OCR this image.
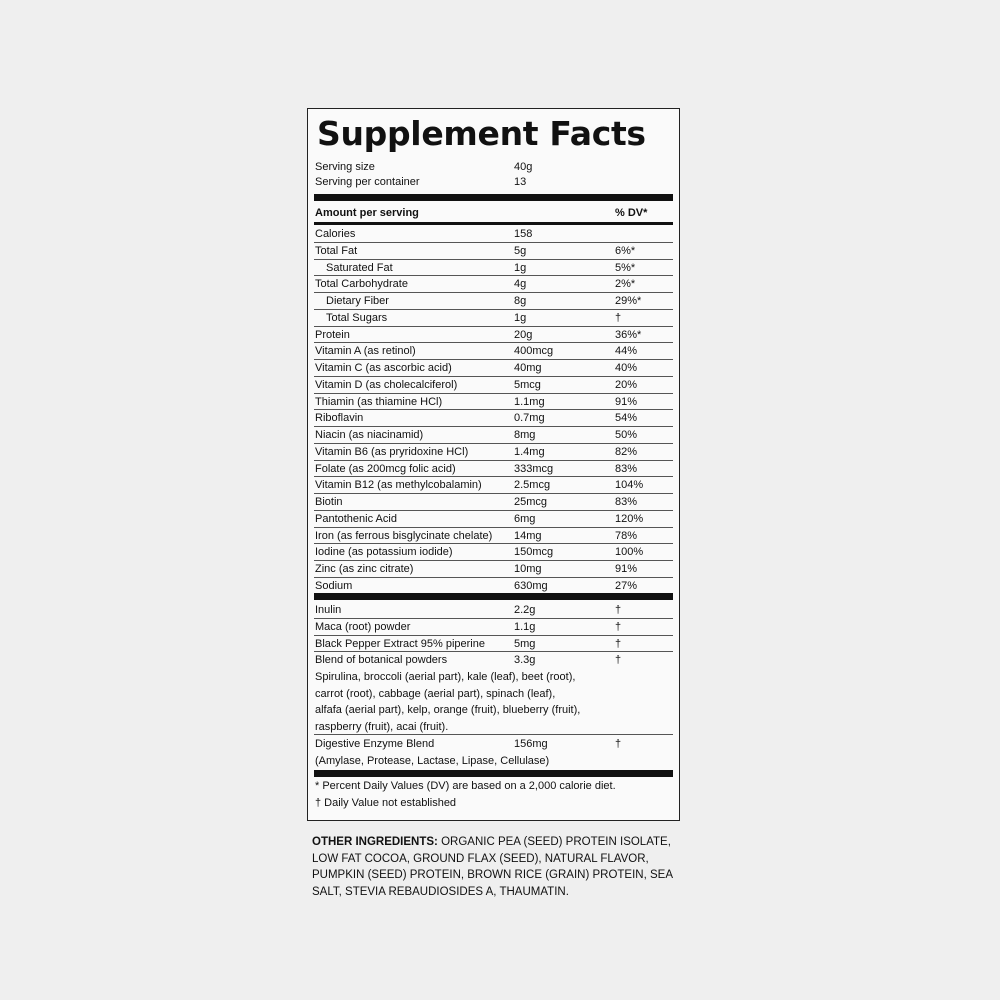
Supplement Facts
Serving size	40g
Serving per container	13
Amount per serving	% DV*
Calories	158
Total Fat	5g	6%*
Saturated Fat	1g	5%*
Total Carbohydrate	4g	2%*
Dietary Fiber	8g	29%*
Total Sugars	1g	†
Protein	20g	36%*
Vitamin A (as retinol)	400mcg	44%
Vitamin C (as ascorbic acid)	40mg	40%
Vitamin D (as cholecalciferol)	5mcg	20%
Thiamin (as thiamine HCl)	1.1mg	91%
Riboflavin	0.7mg	54%
Niacin (as niacinamid)	8mg	50%
Vitamin B6 (as pryridoxine HCl)	1.4mg	82%
Folate (as 200mcg folic acid)	333mcg	83%
Vitamin B12 (as methylcobalamin)	2.5mcg	104%
Biotin	25mcg	83%
Pantothenic Acid	6mg	120%
Iron (as ferrous bisglycinate chelate) 14mg	78%
Iodine (as potassium iodide)	150mcg	100%
Zinc (as zinc citrate)	10mg	91%
Sodium	630mg	27%
Inulin	2.2g	†
Maca (root) powder	1.1g	†
Black Pepper Extract 95% piperine	5mg	†
Blend of botanical powders	3.3g	†
Spirulina, broccoli (aerial part), kale (leaf), beet (root),
carrot (root), cabbage (aerial part), spinach (leaf),
alfafa (aerial part), kelp, orange (fruit), blueberry (fruit),
raspberry (fruit), acai (fruit).
Digestive Enzyme Blend	156mg	†
(Amylase, Protease, Lactase, Lipase, Cellulase)
* Percent Daily Values (DV) are based on a 2,000 calorie diet.
† Daily Value not established
OTHER INGREDIENTS: ORGANIC PEA (SEED) PROTEIN ISOLATE, LOW FAT COCOA, GROUND FLAX (SEED), NATURAL FLAVOR, PUMPKIN (SEED) PROTEIN, BROWN RICE (GRAIN) PROTEIN, SEA SALT, STEVIA REBAUDIOSIDES A, THAUMATIN.
